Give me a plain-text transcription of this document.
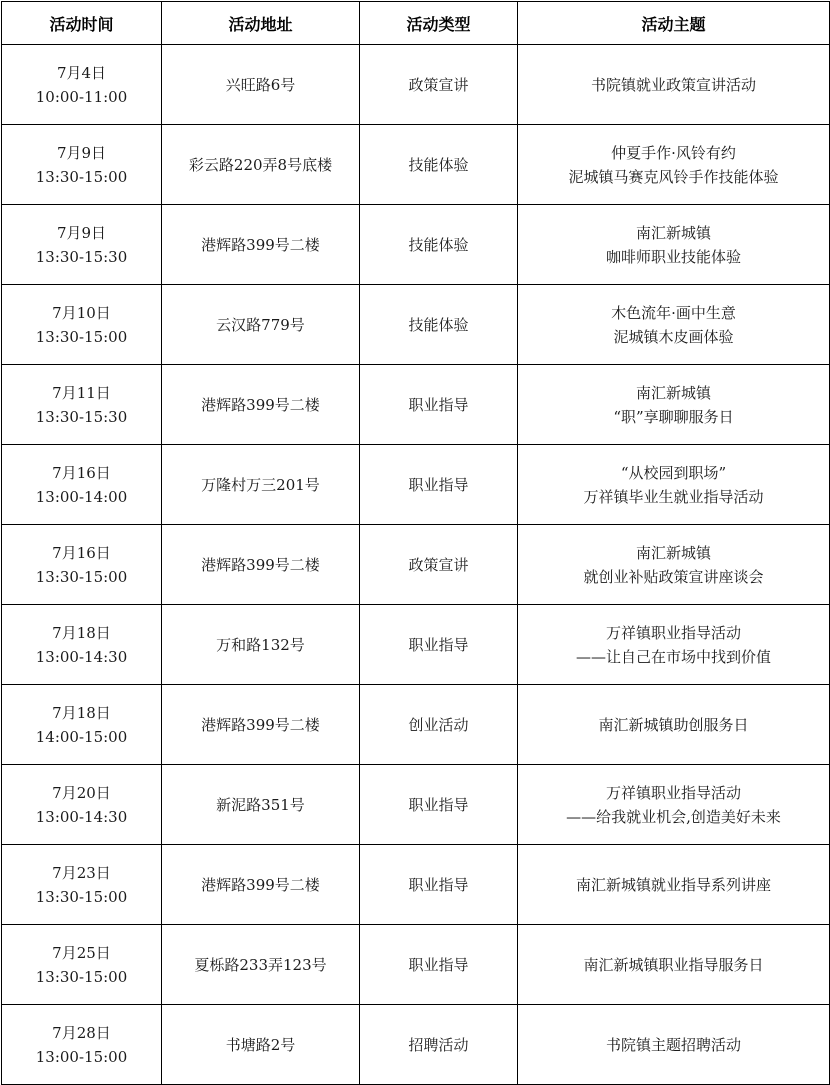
活动时间	活动地址	活动类型	活动主题

7月4日
10:00-11:00	兴旺路6号	政策宣讲	书院镇就业政策宣讲活动

7月9日
13:30-15:00	彩云路220弄8号底楼	技能体验	仲夏手作·风铃有约
泥城镇马赛克风铃手作技能体验

7月9日
13:30-15:30	港辉路399号二楼	技能体验	南汇新城镇
咖啡师职业技能体验

7月10日
13:30-15:00	云汉路779号	技能体验	木色流年·画中生意
泥城镇木皮画体验

7月11日
13:30-15:30	港辉路399号二楼	职业指导	南汇新城镇
“职”享聊聊服务日

7月16日
13:00-14:00	万隆村万三201号	职业指导	“从校园到职场”
万祥镇毕业生就业指导活动

7月16日
13:30-15:00	港辉路399号二楼	政策宣讲	南汇新城镇
就创业补贴政策宣讲座谈会

7月18日
13:00-14:30	万和路132号	职业指导	万祥镇职业指导活动
——让自己在市场中找到价值

7月18日
14:00-15:00	港辉路399号二楼	创业活动	南汇新城镇助创服务日

7月20日
13:00-14:30	新泥路351号	职业指导	万祥镇职业指导活动
——给我就业机会,创造美好未来

7月23日
13:30-15:00	港辉路399号二楼	职业指导	南汇新城镇就业指导系列讲座

7月25日
13:30-15:00	夏栎路233弄123号	职业指导	南汇新城镇职业指导服务日

7月28日
13:00-15:00	书塘路2号	招聘活动	书院镇主题招聘活动
